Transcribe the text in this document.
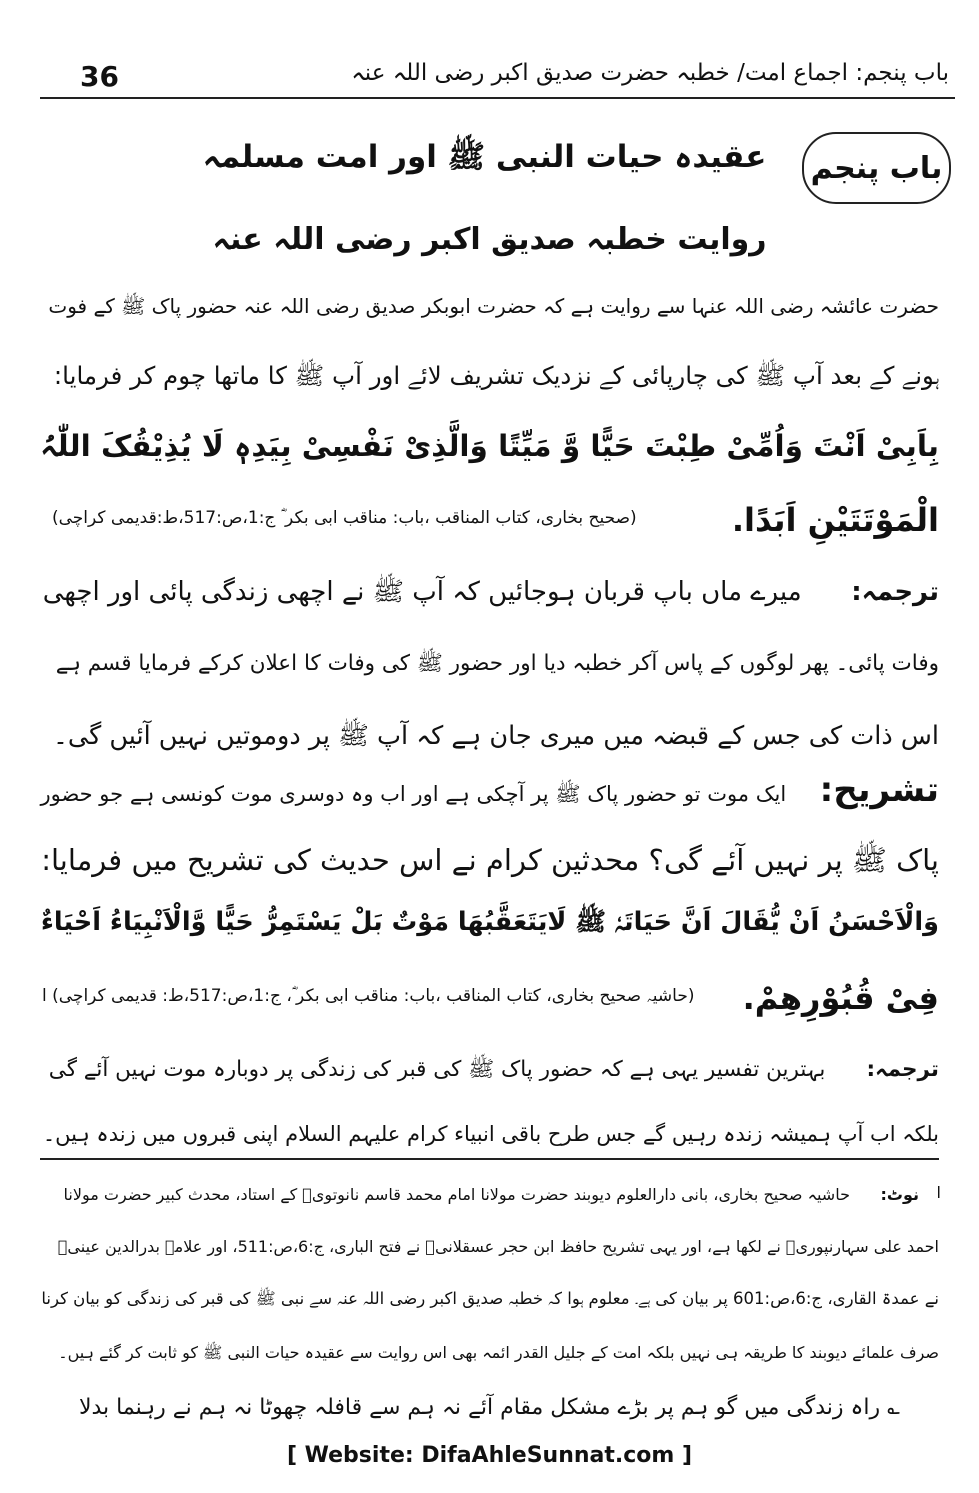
36	باب پنجم: اجماع امت/ خطبہ حضرت صدیق اکبر رضی اللہ عنہ
باب پنجم
عقیدہ حیات النبی ﷺ اور امت مسلمہ
روایت خطبہ صدیق اکبر رضی اللہ عنہ
حضرت عائشہ رضی اللہ عنہا سے روایت ہے کہ حضرت ابوبکر صدیق رضی اللہ عنہ حضور پاک ﷺ کے فوت
ہونے کے بعد آپ ﷺ کی چارپائی کے نزدیک تشریف لائے اور آپ ﷺ کا ماتھا چوم کر فرمایا:
بِاَبِیْ اَنْتَ وَاُمِّیْ طِبْتَ حَیًّا وَّ مَیِّتًا وَالَّذِیْ نَفْسِیْ بِیَدِہٖ لَا یُذِیْقُکَ اللّٰہُ
الْمَوْتَتَیْنِ اَبَدًا.
(صحیح بخاری، کتاب المناقب ،باب: مناقب ابی بکر ؓ ج:1،ص:517،ط:قدیمی کراچی)
ترجمہ:      میرے ماں باپ قربان ہوجائیں کہ آپ ﷺ نے اچھی زندگی پائی اور اچھی
وفات پائی۔ پھر لوگوں کے پاس آکر خطبہ دیا اور حضور ﷺ کی وفات کا اعلان کرکے فرمایا قسم ہے
اس ذات کی جس کے قبضہ میں میری جان ہے کہ آپ ﷺ پر دوموتیں نہیں آئیں گی۔
تشریح:     ایک موت تو حضور پاک ﷺ پر آچکی ہے اور اب وہ دوسری موت کونسی ہے جو حضور
پاک ﷺ پر نہیں آئے گی؟ محدثین کرام نے اس حدیث کی تشریح میں فرمایا:
وَالْاَحْسَنُ اَنْ یُّقَالَ اَنَّ حَیَاتَہٗ ﷺ لَایَتَعَقَّبُھَا مَوْتٌ بَلْ یَسْتَمِرُّ حَیًّا وَّالْاَنْبِیَاءُ اَحْیَاءٌ
فِیْ قُبُوْرِھِمْ.
(حاشیہ صحیح بخاری، کتاب المناقب ،باب: مناقب ابی بکر ؓ، ج:1،ص:517،ط: قدیمی کراچی) ا
ترجمہ:      بہترین تفسیر یہی ہے کہ حضور پاک ﷺ کی قبر کی زندگی پر دوبارہ موت نہیں آئے گی
بلکہ اب آپ ہمیشہ زندہ رہیں گے جس طرح باقی انبیاء کرام علیہم السلام اپنی قبروں میں زندہ ہیں۔
ا
نوٹ:      حاشیہ صحیح بخاری، بانی دارالعلوم دیوبند حضرت مولانا امام محمد قاسم نانوتویؒ کے استاد، محدث کبیر حضرت مولانا
احمد علی سہارنپوریؒ نے لکھا ہے، اور یہی تشریح حافظ ابن حجر عسقلانیؒ نے فتح الباری، ج:6،ص:511، اور علامہ بدرالدین عینیؒ
نے عمدۃ القاری، ج:6،ص:601 پر بیان کی ہے۔ معلوم ہوا کہ خطبہ صدیق اکبر رضی اللہ عنہ سے نبی ﷺ کی قبر کی زندگی کو بیان کرنا
صرف علمائے دیوبند کا طریقہ ہی نہیں بلکہ امت کے جلیل القدر ائمہ بھی اس روایت سے عقیدہ حیات النبی ﷺ کو ثابت کر گئے ہیں۔
؎ راہ زندگی میں گو ہم پر بڑے مشکل مقام آئے نہ ہم سے قافلہ چھوٹا نہ ہم نے رہنما بدلا
[ Website: DifaAhleSunnat.com ]
